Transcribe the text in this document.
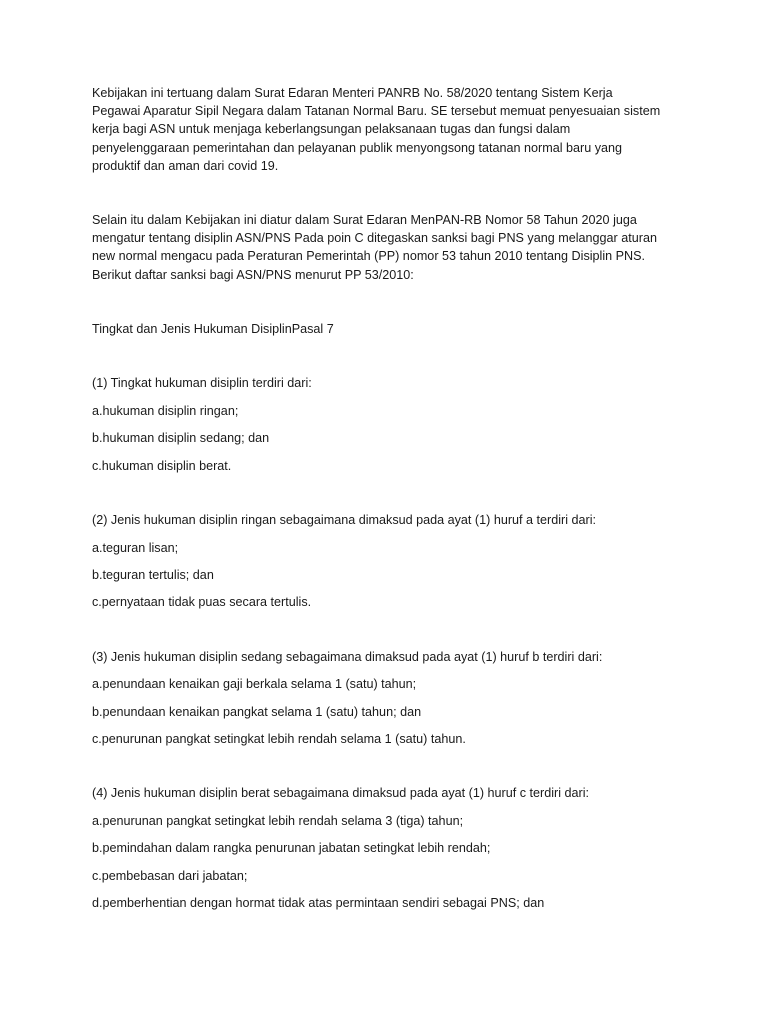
Kebijakan ini tertuang dalam Surat Edaran Menteri PANRB No. 58/2020 tentang Sistem Kerja
Pegawai Aparatur Sipil Negara dalam Tatanan Normal Baru. SE tersebut memuat penyesuaian sistem
kerja bagi ASN untuk menjaga keberlangsungan pelaksanaan tugas dan fungsi dalam
penyelenggaraan pemerintahan dan pelayanan publik menyongsong tatanan normal baru yang
produktif dan aman dari covid 19.

Selain itu dalam Kebijakan ini diatur dalam Surat Edaran MenPAN-RB Nomor 58 Tahun 2020 juga
mengatur tentang disiplin ASN/PNS Pada poin C ditegaskan sanksi bagi PNS yang melanggar aturan
new normal mengacu pada Peraturan Pemerintah (PP) nomor 53 tahun 2010 tentang Disiplin PNS.
Berikut daftar sanksi bagi ASN/PNS menurut PP 53/2010:

Tingkat dan Jenis Hukuman DisiplinPasal 7

(1) Tingkat hukuman disiplin terdiri dari:

a.hukuman disiplin ringan;

b.hukuman disiplin sedang; dan

c.hukuman disiplin berat.

(2) Jenis hukuman disiplin ringan sebagaimana dimaksud pada ayat (1) huruf a terdiri dari:

a.teguran lisan;

b.teguran tertulis; dan

c.pernyataan tidak puas secara tertulis.

(3) Jenis hukuman disiplin sedang sebagaimana dimaksud pada ayat (1) huruf b terdiri dari:

a.penundaan kenaikan gaji berkala selama 1 (satu) tahun;

b.penundaan kenaikan pangkat selama 1 (satu) tahun; dan

c.penurunan pangkat setingkat lebih rendah selama 1 (satu) tahun.

(4) Jenis hukuman disiplin berat sebagaimana dimaksud pada ayat (1) huruf c terdiri dari:

a.penurunan pangkat setingkat lebih rendah selama 3 (tiga) tahun;

b.pemindahan dalam rangka penurunan jabatan setingkat lebih rendah;

c.pembebasan dari jabatan;

d.pemberhentian dengan hormat tidak atas permintaan sendiri sebagai PNS; dan
